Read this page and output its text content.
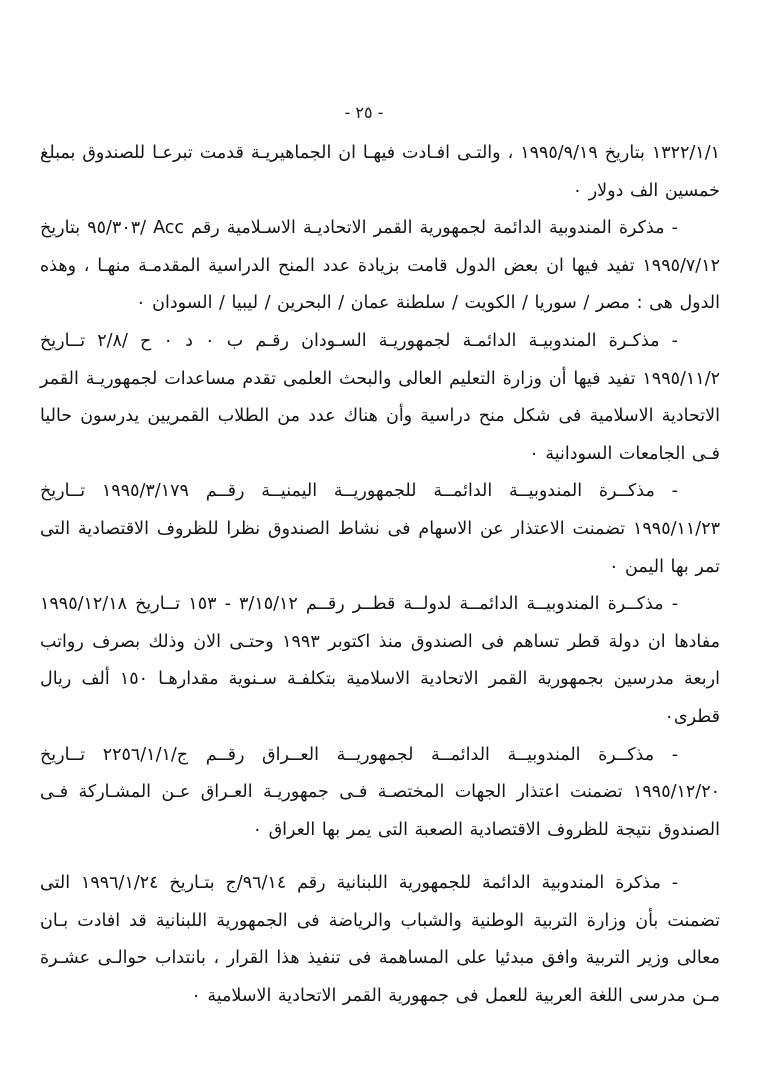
- ٢٥ -

١٣٢٢/١/١ بتاريخ ١٩٩٥/٩/١٩ ، والتـى افـادت فيهـا ان الجماهيريـة قدمت تبرعـا للصندوق بمبلغ خمسين الف دولار ٠

- مذكرة المندوبية الدائمة لجمهورية القمر الاتحاديـة الاسـلامية رقم Acc /٩٥/٣٠٣ بتاريخ ١٩٩٥/٧/١٢ تفيد فيها ان بعض الدول قامت بزيادة عدد المنح الدراسية المقدمـة منهـا ، وهذه الدول هى : مصر / سوريا / الكويت / سلطنة عمان / البحرين / ليبيا / السودان ٠

- مذكـرة المندوبيـة الدائمـة لجمهوريـة السـودان رقـم ب ٠ د ٠ ح /٢/٨ تــاريخ ١٩٩٥/١١/٢ تفيد فيها أن وزارة التعليم العالى والبحث العلمى تقدم مساعدات لجمهوريـة القمر الاتحادية الاسلامية فى شكل منح دراسية وأن هناك عدد من الطلاب القمريين يدرسون حاليا فـى الجامعات السودانية ٠

- مذكــرة المندوبيــة الدائمــة للجمهوريــة اليمنيــة رقــم ١٩٩٥/٣/١٧٩ تــاريخ ١٩٩٥/١١/٢٣ تضمنت الاعتذار عن الاسهام فى نشاط الصندوق نظرا للظروف الاقتصادية التى تمر بها اليمن ٠

- مذكــرة المندوبيــة الدائمــة لدولــة قطــر رقــم ٣/١٥/١٢ - ١٥٣ تــاريخ ١٩٩٥/١٢/١٨ مفادها ان دولة قطر تساهم فى الصندوق منذ اكتوبر ١٩٩٣ وحتـى الان وذلك بصرف رواتب اربعة مدرسين بجمهورية القمر الاتحادية الاسلامية بتكلفـة سـنوية مقدارهـا ١٥٠ ألف ريال قطرى٠

- مذكــرة المندوبيــة الدائمــة لجمهوريــة العــراق رقــم ج/٢٢٥٦/١/١ تــاريخ ١٩٩٥/١٢/٢٠ تضمنت اعتذار الجهات المختصـة فـى جمهوريـة العـراق عـن المشـاركة فـى الصندوق نتيجة للظروف الاقتصادية الصعبة التى يمر بها العراق ٠

- مذكرة المندوبية الدائمة للجمهورية اللبنانية رقم ٩٦/١٤/ج بتـاريخ ١٩٩٦/١/٢٤ التى تضمنت بأن وزارة التربية الوطنية والشباب والرياضة فى الجمهورية اللبنانية قد افادت بـان معالى وزير التربية وافق مبدئيا على المساهمة فى تنفيذ هذا القرار ، بانتداب حوالـى عشـرة مـن مدرسى اللغة العربية للعمل فى جمهورية القمر الاتحادية الاسلامية ٠
